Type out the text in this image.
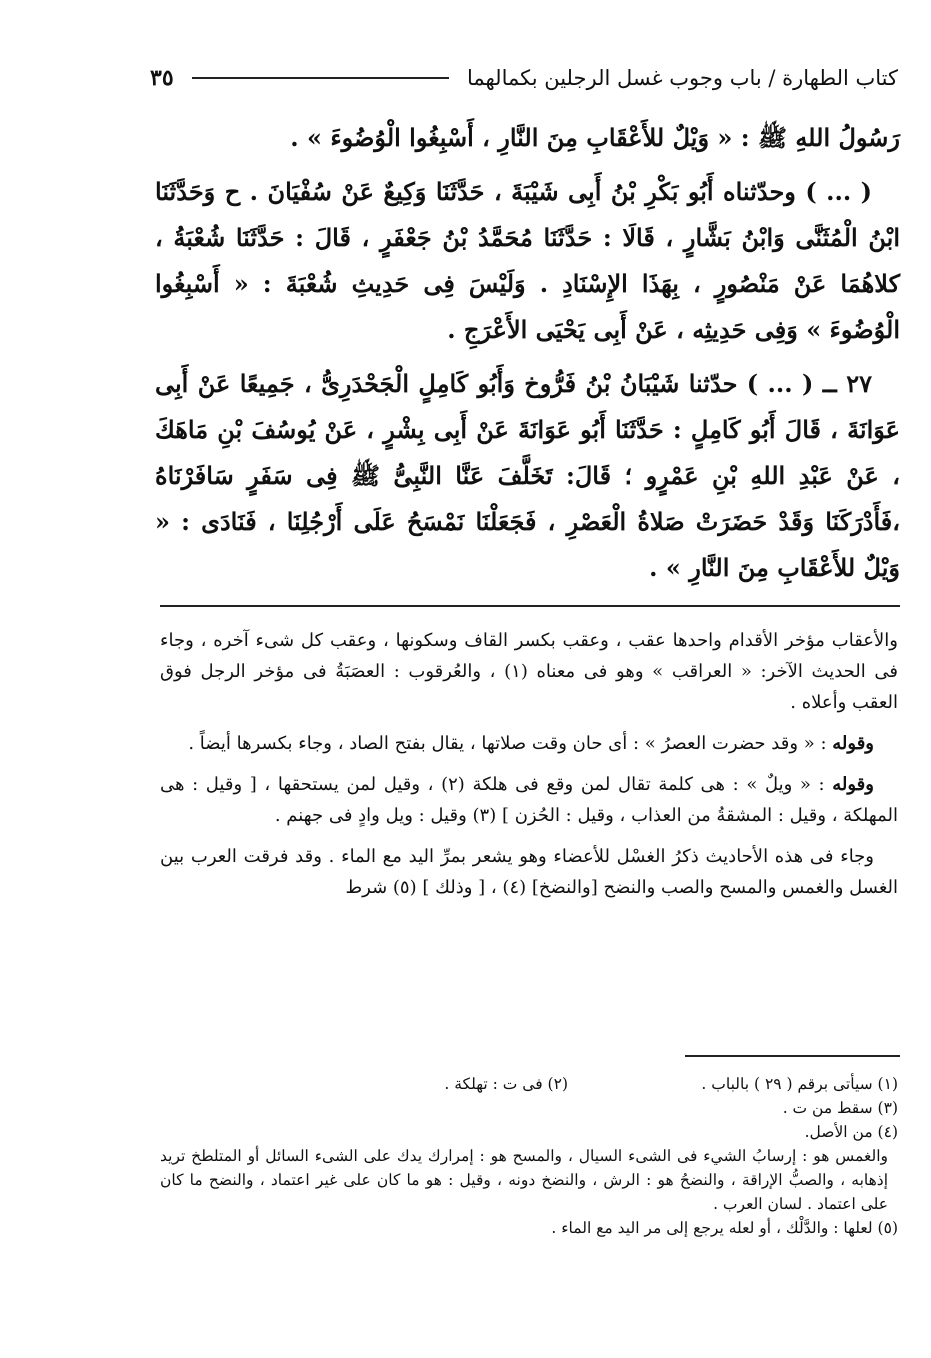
كتاب الطهارة / باب وجوب غسل الرجلين بكمالهما
٣٥

رَسُولُ اللهِ ﷺ : « وَيْلٌ للأَعْقَابِ مِنَ النَّارِ ، أَسْبِغُوا الْوُضُوءَ » .

( ... ) وحدّثناه أَبُو بَكْرِ بْنُ أَبِى شَيْبَةَ ، حَدَّثَنَا وَكِيعٌ عَنْ سُفْيَانَ . ح وَحَدَّثَنَا ابْنُ الْمُثَنَّى وَابْنُ بَشَّارٍ ، قَالَا : حَدَّثَنَا مُحَمَّدُ بْنُ جَعْفَرٍ ، قَالَ : حَدَّثَنَا شُعْبَةُ ، كلاهُمَا عَنْ مَنْصُورٍ ، بِهَذَا الإِسْنَادِ . وَلَيْسَ فِى حَدِيثِ شُعْبَةَ : « أَسْبِغُوا الْوُضُوءَ » وَفِى حَدِيثِه ، عَنْ أَبِى يَحْيَى الأَعْرَجِ .

٢٧ ــ ( ... ) حدّثنا شَيْبَانُ بْنُ فَرُّوخ وَأَبُو كَامِلٍ الْجَحْدَرِىُّ ، جَمِيعًا عَنْ أَبِى عَوَانَةَ ، قَالَ أَبُو كَامِلٍ : حَدَّثَنَا أَبُو عَوَانَةَ عَنْ أَبِى بِشْرٍ ، عَنْ يُوسُفَ بْنِ مَاهَكَ ، عَنْ عَبْدِ اللهِ بْنِ عَمْرٍو ؛ قَالَ: تَخَلَّفَ عَنَّا النَّبِىُّ ﷺ فِى سَفَرٍ سَافَرْنَاهُ ،فَأَدْرَكَنَا وَقَدْ حَضَرَتْ صَلاةُ الْعَصْرِ ، فَجَعَلْنَا نَمْسَحُ عَلَى أَرْجُلِنَا ، فَنَادَى : « وَيْلٌ للأَعْقَابِ مِنَ النَّارِ » .

والأعقاب مؤخر الأقدام واحدها عقب ، وعقب بكسر القاف وسكونها ، وعقب كل شىء آخره ، وجاء فى الحديث الآخر: « العراقب » وهو فى معناه (١) ، والعُرقوب : العصَبَةُ فى مؤخر الرجل فوق العقب وأعلاه .

وقوله : « وقد حضرت العصرُ » : أى حان وقت صلاتها ، يقال بفتح الصاد ، وجاء بكسرها أيضاً .

وقوله : « ويلٌ » : هى كلمة تقال لمن وقع فى هلكة (٢) ، وقيل لمن يستحقها ، [ وقيل : هى المهلكة ، وقيل : المشقةُ من العذاب ، وقيل : الحُزن ] (٣) وقيل : ويل وادٍ فى جهنم .

وجاء فى هذه الأحاديث ذكرُ الغسْل للأعضاء وهو يشعر بمرِّ اليد مع الماء . وقد فرقت العرب بين الغسل والغمس والمسح والصب والنضح [والنضخ] (٤) ، [ وذلك ] (٥) شرط

(١) سيأتى برقم ( ٢٩ ) بالباب .
(٢) فى ت : تهلكة .

(٣) سقط من ت .

(٤) من الأصل.

والغمس هو : إرسابُ الشيء فى الشىء السيال ، والمسح هو : إمرارك يدك على الشىء السائل أو المتلطخ تريد إذهابه ، والصبُّ الإراقة ، والنضحُ هو : الرش ، والنضخ دونه ، وقيل : هو ما كان على غير اعتماد ، والنضح ما كان على اعتماد . لسان العرب .

(٥) لعلها : والدَّلْك ، أو لعله يرجع إلى مر اليد مع الماء .
